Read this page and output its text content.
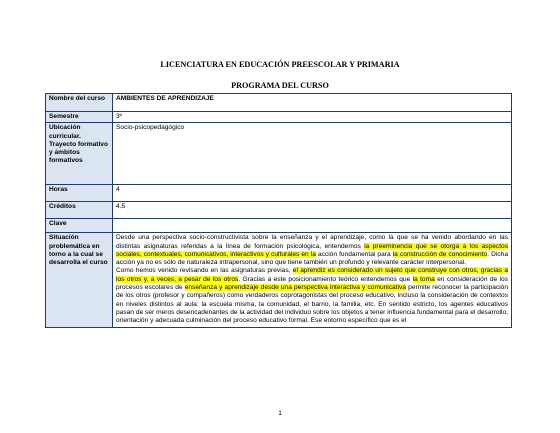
LICENCIATURA EN EDUCACIÓN PREESCOLAR Y PRIMARIA
PROGRAMA DEL CURSO
Nombre del curso	AMBIENTES DE APRENDIZAJE
Semestre	3º
Ubicación curricular. Trayecto formativo y ámbitos formativos	Socio-psicopedagógico
Horas	4
Créditos	4.5
Clave	
Situación problemática en torno a la cual se desarrolla el curso	Desde una perspectiva socio-constructivista sobre la enseñanza y el aprendizaje, como la que se ha venido abordando en las distintas asignaturas referidas a la línea de formación psicológica, entendemos la preeminencia que se otorga a los aspectos sociales, contextuales, comunicativos, interactivos y culturales en la acción fundamental para la construcción de conocimiento. Dicha acción ya no es sólo de naturaleza intrapersonal, sino que tiene también un profundo y relevante carácter interpersonal.

Como hemos venido revisando en las asignaturas previas, el aprendiz es considerado un sujeto que construye con otros, gracias a los otros y, a veces, a pesar de los otros. Gracias a este posicionamiento teórico entendemos que la toma en consideración de los procesos escolares de enseñanza y aprendizaje desde una perspectiva interactiva y comunicativa permite reconocer la participación de los otros (profesor y compañeros) como verdaderos coprotagonistas del proceso educativo, incluso la consideración de contextos en niveles distintos al aula: la escuela misma, la comunidad, el barrio, la familia, etc. En sentido estricto, los agentes educativos pasan de ser meros desencadenantes de la actividad del individuo sobre los objetos a tener influencia fundamental para el desarrollo, orientación y adecuada culminación del proceso educativo formal. Ese entorno específico que es el

1
